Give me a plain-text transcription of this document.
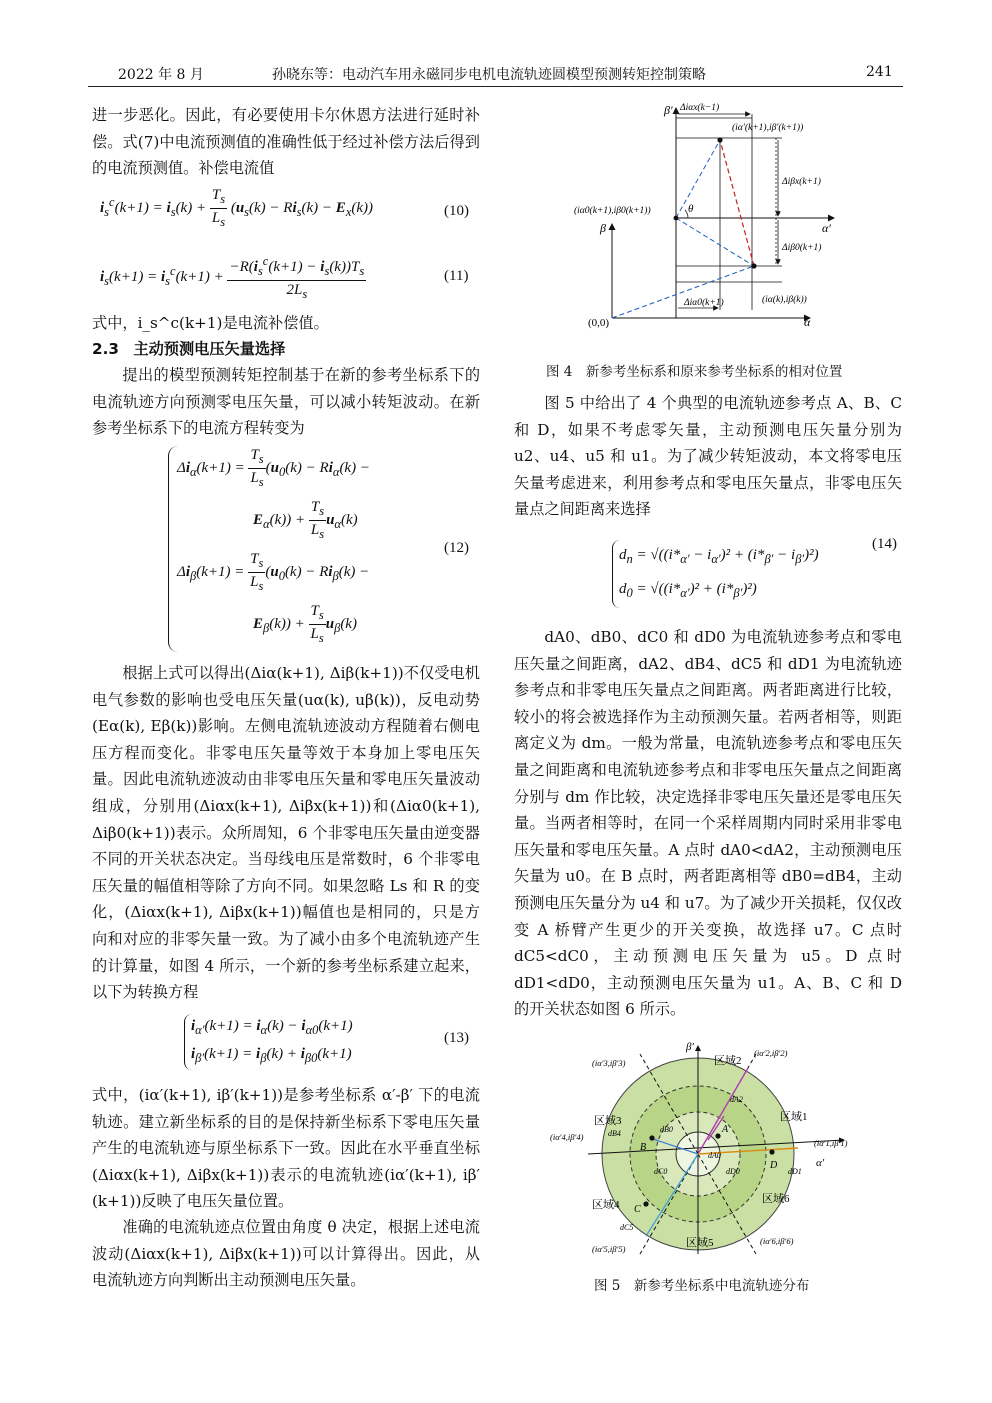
2022 年 8 月	孙晓东等：电动汽车用永磁同步电机电流轨迹圆模型预测转矩控制策略	241

进一步恶化。因此，有必要使用卡尔休恩方法进行延时补偿。式(7)中电流预测值的准确性低于经过补偿方法后得到的电流预测值。补偿电流值

$i_s^c(k+1) = i_s(k) + \frac{T_s}{L_s} (u_s(k) - Ri_s(k) - E_x(k))$	(10)
$i_s(k+1) = i_s^c(k+1) + \frac{-R(i_s^c(k+1) - i_s(k))T_s}{2L_s}$	(11)

式中，i_s^c(k+1)是电流补偿值。

2.3 主动预测电压矢量选择

提出的模型预测转矩控制基于在新的参考坐标系下的电流轨迹方向预测零电压矢量，可以减小转矩波动。在新参考坐标系下的电流方程转变为

$\Delta i_\alpha(k+1) = \frac{T_s}{L_s} (u_0(k) - Ri_\alpha(k)$ −
$E_\alpha(k)) + \frac{T_s}{L_s} u_\alpha(k)$
$\Delta i_\beta(k+1) = \frac{T_s}{L_s} (u_0(k) - Ri_\beta(k)$ −
$E_\beta(k)) + \frac{T_s}{L_s} u_\beta(k)$
(12)

根据上式可以得出(Δiα(k+1), Δiβ(k+1))不仅受电机电气参数的影响也受电压矢量(uα(k), uβ(k))，反电动势(Eα(k), Eβ(k))影响。左侧电流轨迹波动方程随着右侧电压方程而变化。非零电压矢量等效于本身加上零电压矢量。因此电流轨迹波动由非零电压矢量和零电压矢量波动组成，分别用(Δiαx(k+1), Δiβx(k+1))和(Δiα0(k+1), Δiβ0(k+1))表示。众所周知，6 个非零电压矢量由逆变器不同的开关状态决定。当母线电压是常数时，6 个非零电压矢量的幅值相等除了方向不同。如果忽略 Ls 和 R 的变化，(Δiαx(k+1), Δiβx(k+1))幅值也是相同的，只是方向和对应的非零矢量一致。为了减小由多个电流轨迹产生的计算量，如图 4 所示，一个新的参考坐标系建立起来，以下为转换方程

$i_{\alpha'}(k+1) = i_\alpha(k) - i_{\alpha 0}(k+1)$
$i_{\beta'}(k+1) = i_\beta(k) + i_{\beta 0}(k+1)$
(13)

式中，(iα′(k+1), iβ′(k+1))是参考坐标系 α′-β′ 下的电流轨迹。建立新坐标系的目的是保持新坐标系下零电压矢量产生的电流轨迹与原坐标系下一致。因此在水平垂直坐标(Δiαx(k+1), Δiβx(k+1))表示的电流轨迹(iα′(k+1), iβ′(k+1))反映了电压矢量位置。

准确的电流轨迹点位置由角度 θ 决定，根据上述电流波动(Δiαx(k+1), Δiβx(k+1))可以计算得出。因此，从电流轨迹方向判断出主动预测电压矢量。

β′
β	α′
α
(0,0)
θ
Δiαx(k−1)
(iα′(k+1),iβ′(k+1))
(iα0(k+1),iβ0(k+1))
(iα(k),iβ(k))
Δiβx(k+1)
Δiβ0(k+1)
Δiα0(k+1)
图 4　新参考坐标系和原来参考坐标系的相对位置

图 5 中给出了 4 个典型的电流轨迹参考点 A、B、C 和 D，如果不考虑零矢量，主动预测电压矢量分别为 u2、u4、u5 和 u1。为了减少转矩波动，本文将零电压矢量考虑进来，利用参考点和零电压矢量点，非零电压矢量点之间距离来选择

$d_n = √((i*_{\alpha'} - i_{\alpha'})^2 + (i*_{\beta'} - i_{\beta'})^2)$
$d_0 = √((i*_{\alpha'})^2 + (i*_{\beta'})^2)$
(14)

dA0、dB0、dC0 和 dD0 为电流轨迹参考点和零电压矢量之间距离，dA2、dB4、dC5 和 dD1 为电流轨迹参考点和非零电压矢量点之间距离。两者距离进行比较，较小的将会被选择作为主动预测矢量。若两者相等，则距离定义为 dm。一般为常量，电流轨迹参考点和零电压矢量之间距离和电流轨迹参考点和非零电压矢量点之间距离分别与 dm 作比较，决定选择非零电压矢量还是零电压矢量。当两者相等时，在同一个采样周期内同时采用非零电压矢量和零电压矢量。A 点时 dA0<dA2，主动预测电压矢量为 u0。在 B 点时，两者距离相等 dB0=dB4，主动预测电压矢量分为 u4 和 u7。为了减少开关损耗，仅仅改变 A 桥臂产生更少的开关变换，故选择 u7。C 点时 dC5<dC0，主动预测电压矢量为 u5。D 点时 dD1<dD0，主动预测电压矢量为 u1。A、B、C 和 D 的开关状态如图 6 所示。

β′
α′
区域1
区域2
区域3
区域4
区域5
区域6
A
B
C
D
(iα′1,iβ′1)
(iα′2,iβ′2)
(iα′3,iβ′3)
(iα′4,iβ′4)
(iα′5,iβ′5)
(iα′6,iβ′6)
dA0
dA2
dB0
dB4
dC0
dC5
dD0	dD1
图 5　新参考坐标系中电流轨迹分布
